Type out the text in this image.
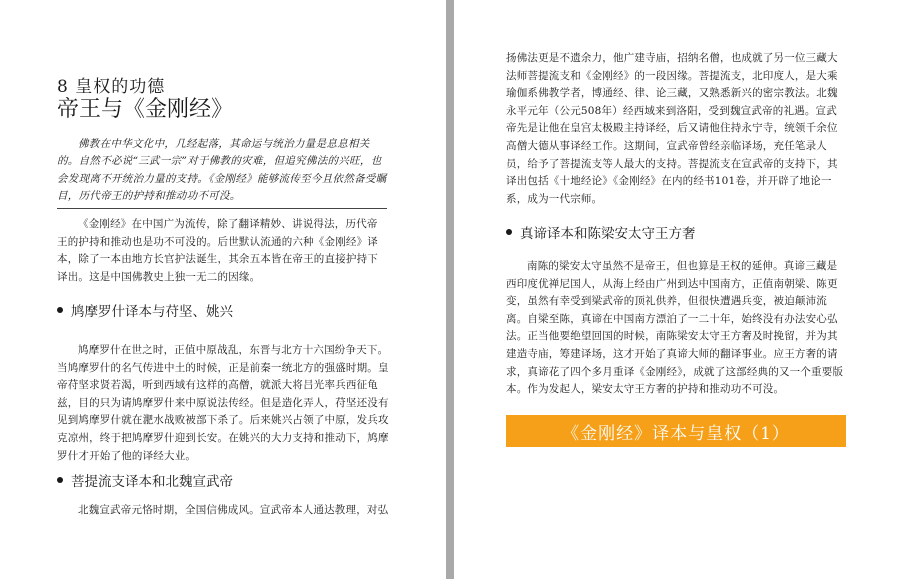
8 皇权的功德
帝王与《金刚经》
佛教在中华文化中，几经起落，其命运与统治力量是息息相关的。自然不必说“三武一宗”对于佛教的灾难，但追究佛法的兴旺，也会发现离不开统治力量的支持。《金刚经》能够流传至今且依然备受瞩目，历代帝王的护持和推动功不可没。
《金刚经》在中国广为流传，除了翻译精妙、讲说得法，历代帝王的护持和推动也是功不可没的。后世默认流通的六种《金刚经》译本，除了一本由地方长官护法诞生，其余五本皆在帝王的直接护持下译出。这是中国佛教史上独一无二的因缘。
鸠摩罗什译本与苻坚、姚兴
鸠摩罗什在世之时，正值中原战乱，东晋与北方十六国纷争天下。当鸠摩罗什的名气传进中土的时候，正是前秦一统北方的强盛时期。皇帝苻坚求贤若渴，听到西域有这样的高僧，就派大将吕光率兵西征龟兹，目的只为请鸠摩罗什来中原说法传经。但是造化弄人，苻坚还没有见到鸠摩罗什就在淝水战败被部下杀了。后来姚兴占领了中原，发兵攻克凉州，终于把鸠摩罗什迎到长安。在姚兴的大力支持和推动下，鸠摩罗什才开始了他的译经大业。
菩提流支译本和北魏宣武帝
北魏宣武帝元恪时期，全国信佛成风。宣武帝本人通达教理，对弘
扬佛法更是不遗余力，他广建寺庙，招纳名僧，也成就了另一位三藏大法师菩提流支和《金刚经》的一段因缘。菩提流支，北印度人，是大乘瑜伽系佛教学者，博通经、律、论三藏，又熟悉新兴的密宗教法。北魏永平元年（公元508年）经西域来到洛阳，受到魏宣武帝的礼遇。宣武帝先是让他在皇宫太极殿主持译经，后又请他住持永宁寺，统领千余位高僧大德从事译经工作。这期间，宣武帝曾经亲临译场，充任笔录人员，给予了菩提流支等人最大的支持。菩提流支在宣武帝的支持下，其译出包括《十地经论》《金刚经》在内的经书101卷，并开辟了地论一系，成为一代宗师。
真谛译本和陈梁安太守王方奢
南陈的梁安太守虽然不是帝王，但也算是王权的延伸。真谛三藏是西印度优禅尼国人，从海上经由广州到达中国南方，正值南朝梁、陈更变，虽然有幸受到梁武帝的顶礼供养，但很快遭遇兵变，被迫颠沛流离。自梁至陈，真谛在中国南方漂泊了一二十年，始终没有办法安心弘法。正当他要绝望回国的时候，南陈梁安太守王方奢及时挽留，并为其建造寺庙，筹建译场，这才开始了真谛大师的翻译事业。应王方奢的请求，真谛花了四个多月重译《金刚经》，成就了这部经典的又一个重要版本。作为发起人，梁安太守王方奢的护持和推动功不可没。
《金刚经》译本与皇权（1）
